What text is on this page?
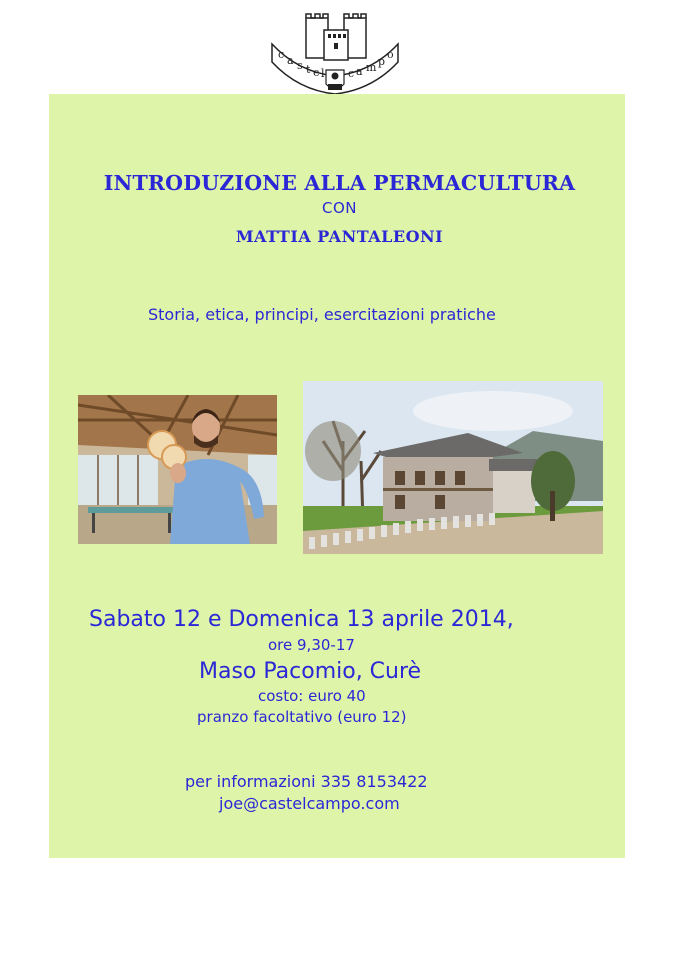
c a s t e l c a m p o
INTRODUZIONE ALLA PERMACULTURA
CON
MATTIA PANTALEONI
Storia, etica, principi, esercitazioni pratiche
Sabato 12 e Domenica 13 aprile 2014,
ore 9,30-17
Maso Pacomio, Curè
costo: euro 40
pranzo facoltativo (euro 12)
per informazioni 335 8153422
joe@castelcampo.com
